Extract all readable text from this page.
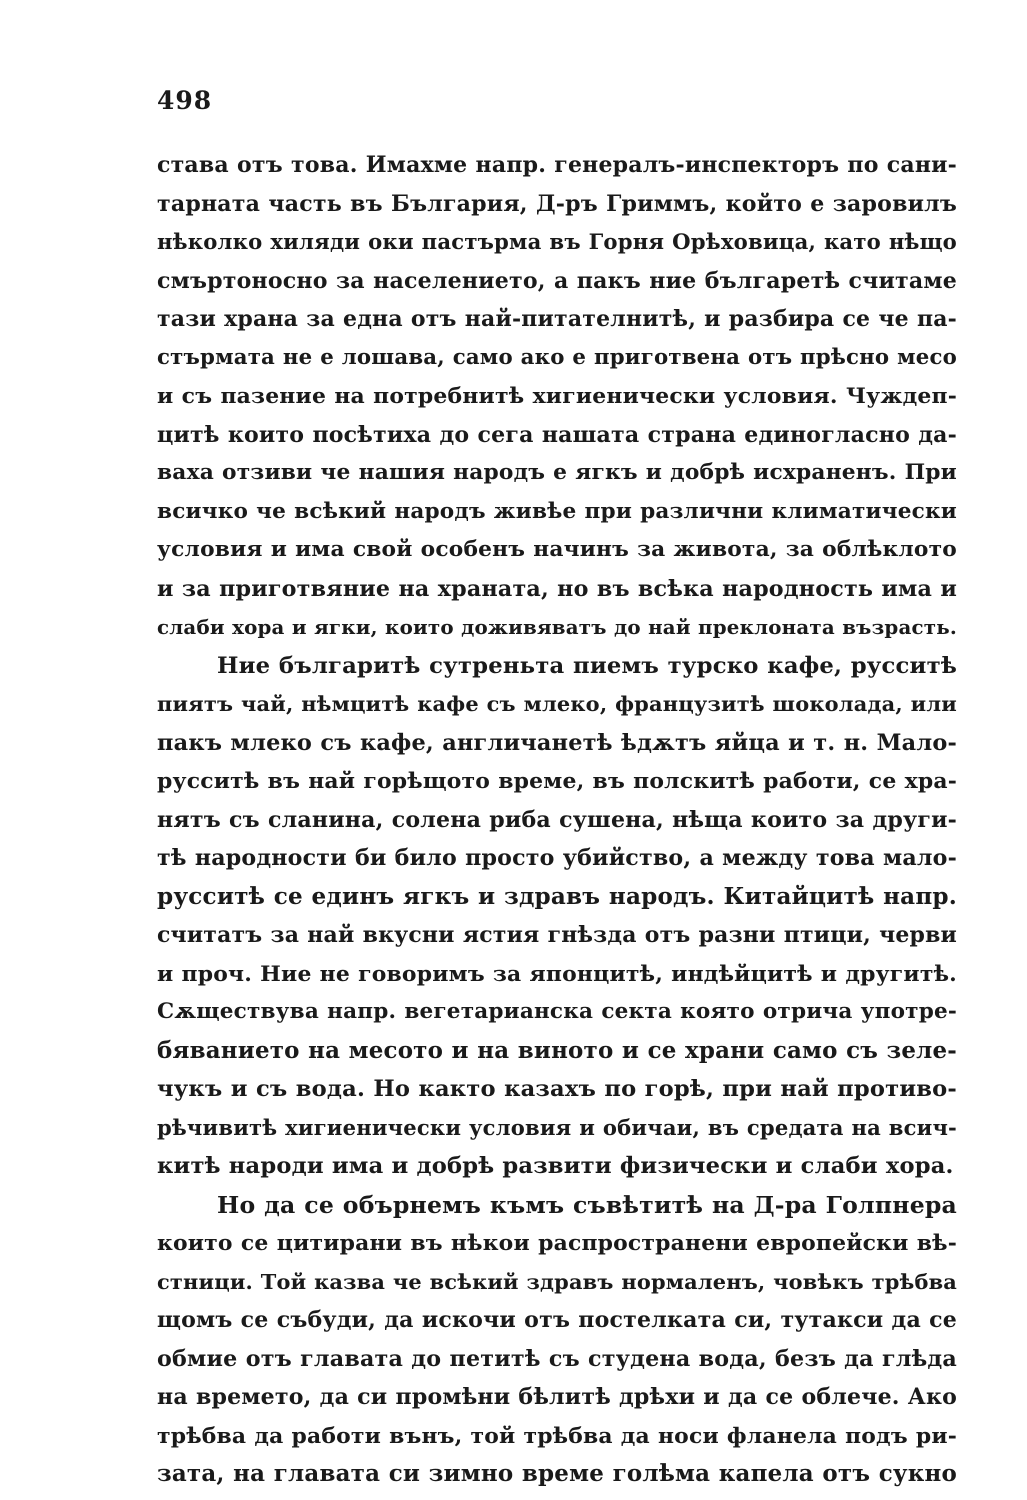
498
става отъ това. Имахме напр. генералъ-инспекторъ по сани-
тарната часть въ България, Д-ръ Гриммъ, който е заровилъ
нѣколко хиляди оки пастърма въ Горня Орѣховица, като нѣщо
смъртоносно за населението, а пакъ ние българетѣ считаме
тази храна за една отъ най-питателнитѣ, и разбира се че па-
стърмата не е лошава, само ако е приготвена отъ прѣсно месо
и съ пазение на потребнитѣ хигиенически условия. Чуждеп-
цитѣ които посѣтиха до сега нашата страна единогласно да-
ваха отзиви че нашия народъ е ягкъ и добрѣ исхраненъ. При
всичко че всѣкий народъ живѣе при различни климатически
условия и има свой особенъ начинъ за живота, за облѣклото
и за приготвяние на храната, но въ всѣка народность има и
слаби хора и ягки, които доживяватъ до най преклоната възрасть.
Ние българитѣ сутреньта пиемъ турско кафе, русситѣ
пиятъ чай, нѣмцитѣ кафе съ млеко, французитѣ шоколада, или
пакъ млеко съ кафе, англичанетѣ ѣдѫтъ яйца и т. н. Мало-
русситѣ въ най горѣщото време, въ полскитѣ работи, се хра-
нятъ съ сланина, солена риба сушена, нѣща които за други-
тѣ народности би било просто убийство, а между това мало-
русситѣ се единъ ягкъ и здравъ народъ. Китайцитѣ напр.
считатъ за най вкусни ястия гнѣзда отъ разни птици, черви
и проч. Ние не говоримъ за японцитѣ, индѣйцитѣ и другитѣ.
Сѫществува напр. вегетарианска секта която отрича употре-
бяванието на месото и на виното и се храни само съ зеле-
чукъ и съ вода. Но както казахъ по горѣ, при най противо-
рѣчивитѣ хигиенически условия и обичаи, въ средата на всич-
китѣ народи има и добрѣ развити физически и слаби хора.
Но да се обърнемъ къмъ съвѣтитѣ на Д-ра Голпнера
които се цитирани въ нѣкои распространени европейски вѣ-
стници. Той казва че всѣкий здравъ нормаленъ, човѣкъ трѣбва
щомъ се събуди, да искочи отъ постелката си, тутакси да се
обмие отъ главата до петитѣ съ студена вода, безъ да глѣда
на времето, да си промѣни бѣлитѣ дрѣхи и да се облече. Ако
трѣбва да работи вънъ, той трѣбва да носи фланела подъ ри-
зата, на главата си зимно време голѣма капела отъ сукно
